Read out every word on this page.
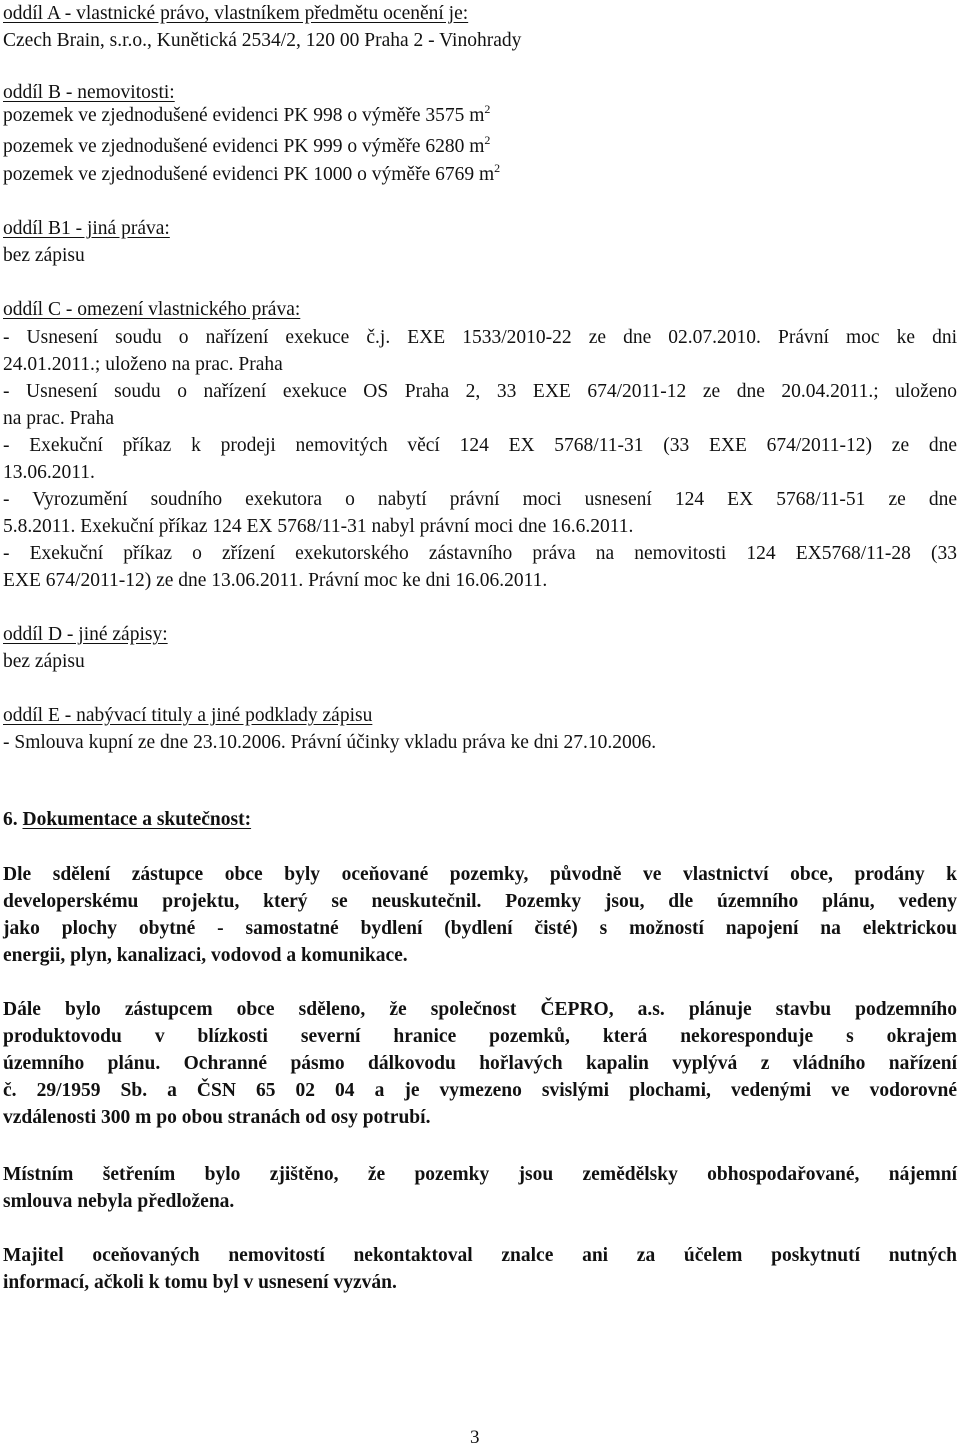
oddíl A - vlastnické právo, vlastníkem předmětu ocenění je:
Czech Brain, s.r.o., Kunětická 2534/2, 120 00 Praha 2 - Vinohrady
oddíl B - nemovitosti:
pozemek ve zjednodušené evidenci PK 998 o výměře 3575 $m^2$
pozemek ve zjednodušené evidenci PK 999 o výměře 6280 $m^2$
pozemek ve zjednodušené evidenci PK 1000 o výměře 6769 $m^2$
oddíl B1 - jiná práva:
bez zápisu
oddíl C - omezení vlastnického práva:
- Usnesení soudu o nařízení exekuce č.j. EXE 1533/2010-22 ze dne 02.07.2010. Právní moc ke dni
24.01.2011.; uloženo na prac. Praha
- Usnesení soudu o nařízení exekuce OS Praha 2, 33 EXE 674/2011-12 ze dne 20.04.2011.; uloženo
na prac. Praha
- Exekuční příkaz k prodeji nemovitých věcí 124 EX 5768/11-31 (33 EXE 674/2011-12) ze dne
13.06.2011.
- Vyrozumění soudního exekutora o nabytí právní moci usnesení 124 EX 5768/11-51 ze dne
5.8.2011. Exekuční příkaz 124 EX 5768/11-31 nabyl právní moci dne 16.6.2011.
- Exekuční příkaz o zřízení exekutorského zástavního práva na nemovitosti 124 EX5768/11-28 (33
EXE 674/2011-12) ze dne 13.06.2011. Právní moc ke dni 16.06.2011.
oddíl D - jiné zápisy:
bez zápisu
oddíl E - nabývací tituly a jiné podklady zápisu
- Smlouva kupní ze dne 23.10.2006. Právní účinky vkladu práva ke dni 27.10.2006.
6. Dokumentace a skutečnost:
Dle sdělení zástupce obce byly oceňované pozemky, původně ve vlastnictví obce, prodány k
developerskému projektu, který se neuskutečnil. Pozemky jsou, dle územního plánu, vedeny
jako plochy obytné - samostatné bydlení (bydlení čisté) s možností napojení na elektrickou
energii, plyn, kanalizaci, vodovod a komunikace.
Dále bylo zástupcem obce sděleno, že společnost ČEPRO, a.s. plánuje stavbu podzemního
produktovodu v blízkosti severní hranice pozemků, která nekoresponduje s okrajem
územního plánu. Ochranné pásmo dálkovodu hořlavých kapalin vyplývá z vládního nařízení
č. 29/1959 Sb. a ČSN 65 02 04 a je vymezeno svislými plochami, vedenými ve vodorovné
vzdálenosti 300 m po obou stranách od osy potrubí.
Místním šetřením bylo zjištěno, že pozemky jsou zemědělsky obhospodařované, nájemní
smlouva nebyla předložena.
Majitel oceňovaných nemovitostí nekontaktoval znalce ani za účelem poskytnutí nutných
informací, ačkoli k tomu byl v usnesení vyzván.
3
